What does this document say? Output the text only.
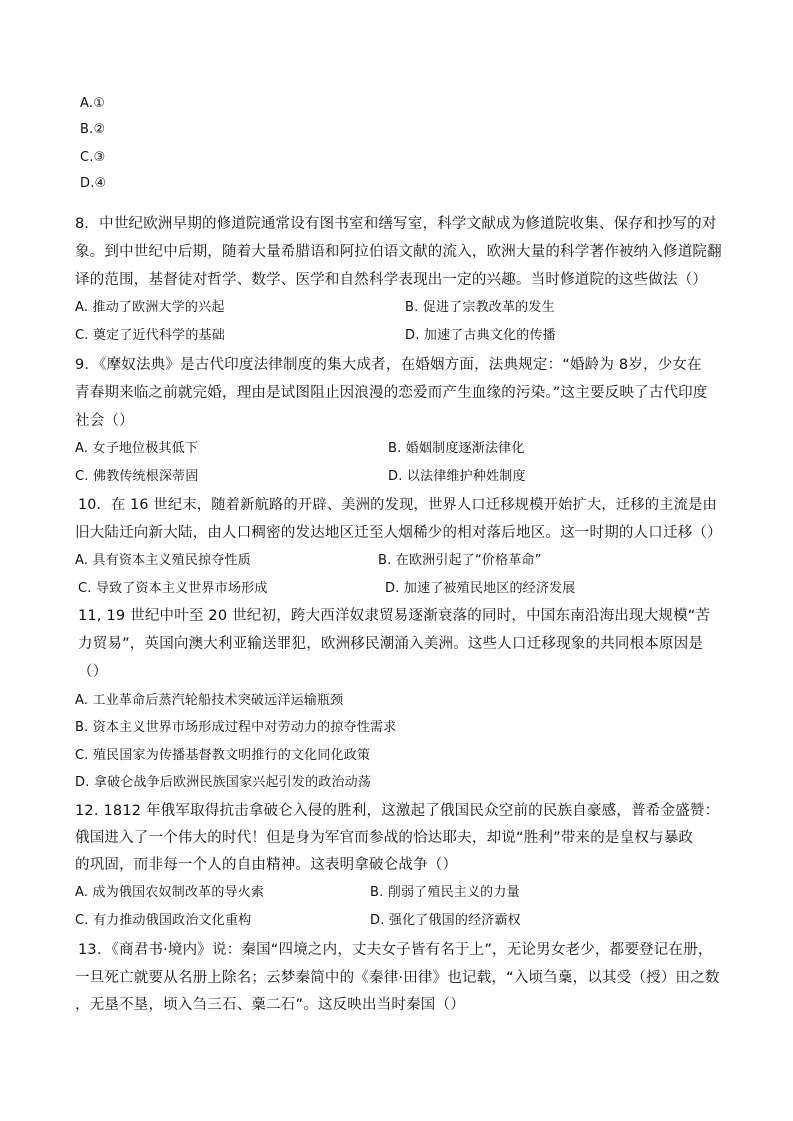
A.①
B.②
C.③
D.④
8．中世纪欧洲早期的修道院通常设有图书室和缮写室，科学文献成为修道院收集、保存和抄写的对
象。到中世纪中后期，随着大量希腊语和阿拉伯语文献的流入，欧洲大量的科学著作被纳入修道院翻
译的范围，基督徒对哲学、数学、医学和自然科学表现出一定的兴趣。当时修道院的这些做法（）
A. 推动了欧洲大学的兴起	B. 促进了宗教改革的发生
C. 奠定了近代科学的基础	D. 加速了古典文化的传播
9．《摩奴法典》是古代印度法律制度的集大成者，在婚姻方面，法典规定：“婚龄为 8岁，少女在
青春期来临之前就完婚，理由是试图阻止因浪漫的恋爱而产生血缘的污染。”这主要反映了古代印度
社会（）
A. 女子地位极其低下	B. 婚姻制度逐渐法律化
C. 佛教传统根深蒂固	D. 以法律维护种姓制度
10．在 16 世纪末，随着新航路的开辟、美洲的发现，世界人口迁移规模开始扩大，迁移的主流是由
旧大陆迁向新大陆，由人口稠密的发达地区迁至人烟稀少的相对落后地区。这一时期的人口迁移（）
A. 具有资本主义殖民掠夺性质	B. 在欧洲引起了“价格革命”
C. 导致了资本主义世界市场形成	D. 加速了被殖民地区的经济发展
11, 19 世纪中叶至 20 世纪初，跨大西洋奴隶贸易逐渐衰落的同时，中国东南沿海出现大规模“苦
力贸易”，英国向澳大利亚输送罪犯，欧洲移民潮涌入美洲。这些人口迁移现象的共同根本原因是
（）
A. 工业革命后蒸汽轮船技术突破远洋运输瓶颈
B. 资本主义世界市场形成过程中对劳动力的掠夺性需求
C. 殖民国家为传播基督教文明推行的文化同化政策
D. 拿破仑战争后欧洲民族国家兴起引发的政治动荡
12. 1812 年俄军取得抗击拿破仑入侵的胜利，这激起了俄国民众空前的民族自豪感，普希金盛赞：
俄国进入了一个伟大的时代！但是身为军官而参战的恰达耶夫，却说“胜利”带来的是皇权与暴政
的巩固，而非每一个人的自由精神。这表明拿破仑战争（）
A. 成为俄国农奴制改革的导火索	B. 削弱了殖民主义的力量
C. 有力推动俄国政治文化重构	D. 强化了俄国的经济霸权
13．《商君书·境内》说：秦国“四境之内，丈夫女子皆有名于上”，无论男女老少，都要登记在册，
一旦死亡就要从名册上除名；云梦秦简中的《秦律·田律》也记载，“入顷刍稾，以其受（授）田之数
，无垦不垦，顷入刍三石、稾二石”。这反映出当时秦国（）
